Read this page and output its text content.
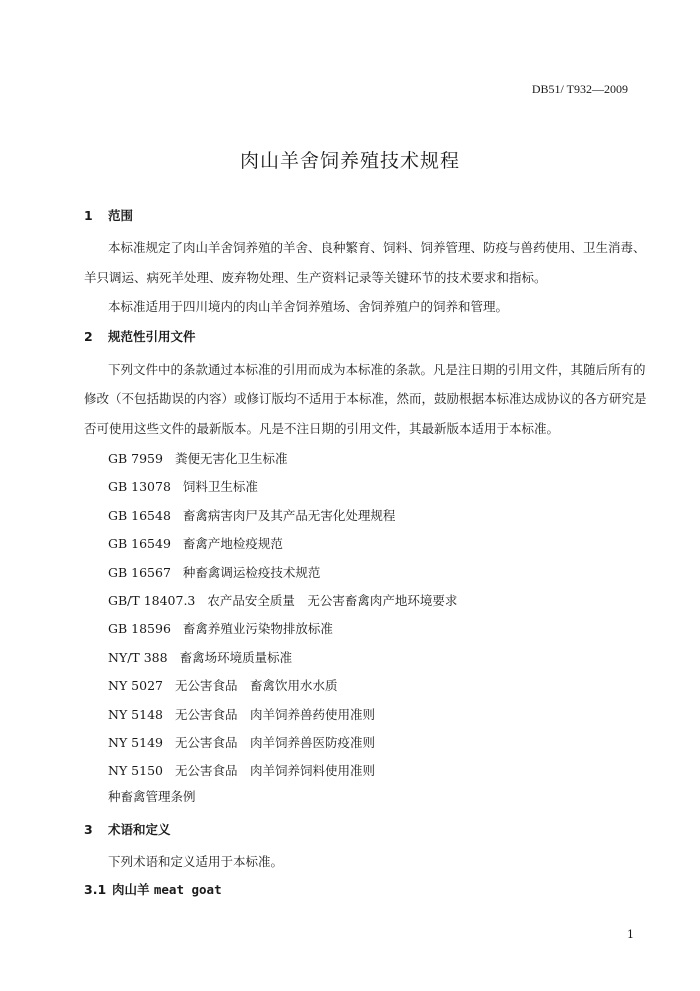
DB51/ T932—2009
肉山羊舍饲养殖技术规程
1 范围
本标准规定了肉山羊舍饲养殖的羊舍、良种繁育、饲料、饲养管理、防疫与兽药使用、卫生消毒、
羊只调运、病死羊处理、废弃物处理、生产资料记录等关键环节的技术要求和指标。
本标准适用于四川境内的肉山羊舍饲养殖场、舍饲养殖户的饲养和管理。
2 规范性引用文件
下列文件中的条款通过本标准的引用而成为本标准的条款。凡是注日期的引用文件，其随后所有的
修改（不包括勘误的内容）或修订版均不适用于本标准，然而，鼓励根据本标准达成协议的各方研究是
否可使用这些文件的最新版本。凡是不注日期的引用文件，其最新版本适用于本标准。
GB 7959 粪便无害化卫生标准
GB 13078 饲料卫生标准
GB 16548 畜禽病害肉尸及其产品无害化处理规程
GB 16549 畜禽产地检疫规范
GB 16567 种畜禽调运检疫技术规范
GB/T 18407.3 农产品安全质量　无公害畜禽肉产地环境要求
GB 18596 畜禽养殖业污染物排放标准
NY/T 388 畜禽场环境质量标准
NY 5027 无公害食品　畜禽饮用水水质
NY 5148 无公害食品　肉羊饲养兽药使用准则
NY 5149 无公害食品　肉羊饲养兽医防疫准则
NY 5150 无公害食品　肉羊饲养饲料使用准则
种畜禽管理条例
3 术语和定义
下列术语和定义适用于本标准。
3.1 肉山羊 meat goat
1
